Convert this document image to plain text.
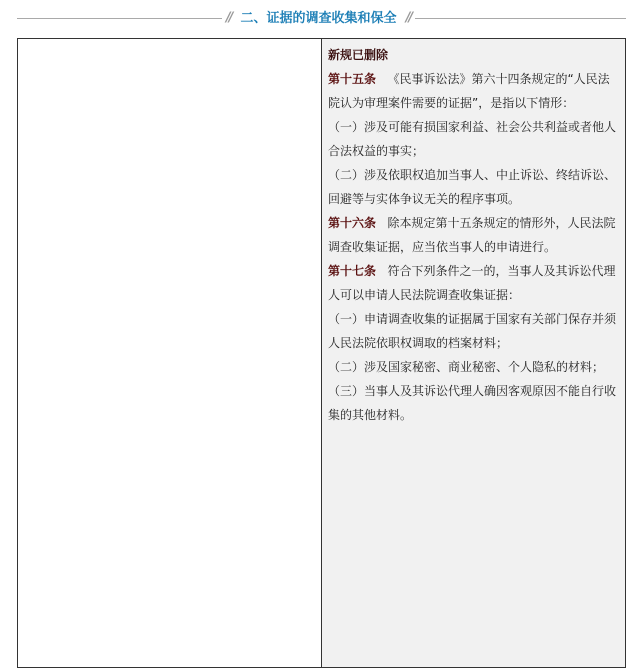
// 二、证据的调查收集和保全 //

新规已删除

第十五条 《民事诉讼法》第六十四条规定的“人民法院认为审理案件需要的证据”，是指以下情形：

（一）涉及可能有损国家利益、社会公共利益或者他人合法权益的事实；

（二）涉及依职权追加当事人、中止诉讼、终结诉讼、回避等与实体争议无关的程序事项。

第十六条 除本规定第十五条规定的情形外，人民法院调查收集证据，应当依当事人的申请进行。

第十七条 符合下列条件之一的，当事人及其诉讼代理人可以申请人民法院调查收集证据：

（一）申请调查收集的证据属于国家有关部门保存并须人民法院依职权调取的档案材料；

（二）涉及国家秘密、商业秘密、个人隐私的材料；

（三）当事人及其诉讼代理人确因客观原因不能自行收集的其他材料。
